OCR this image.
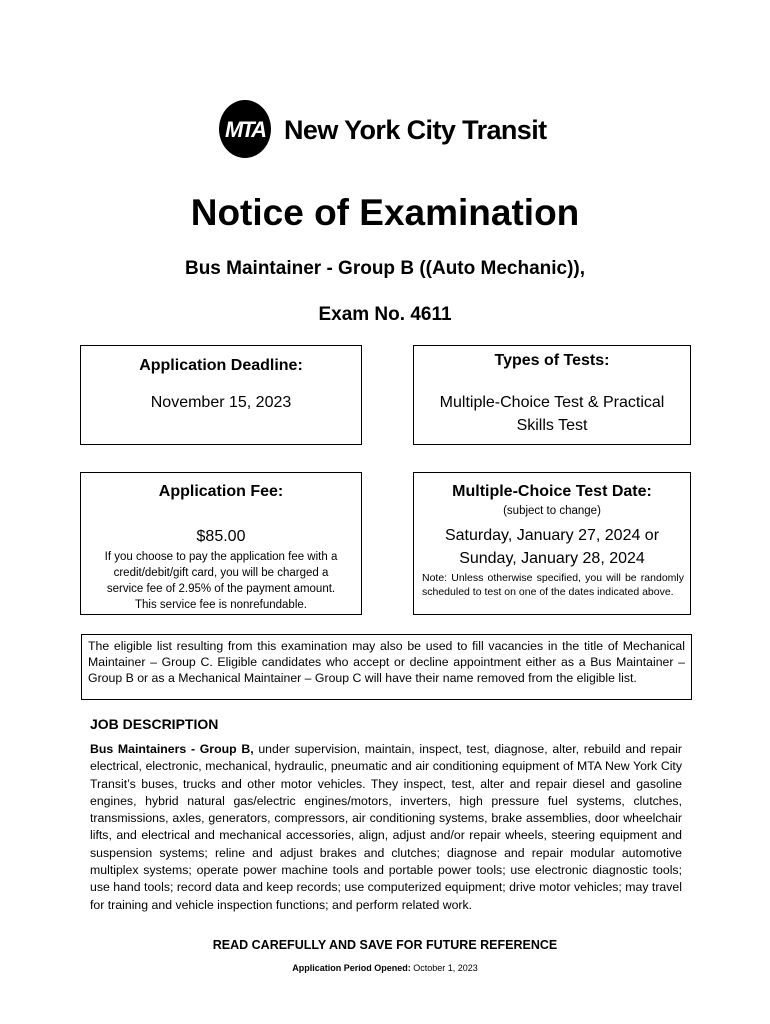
MTA New York City Transit
Notice of Examination
Bus Maintainer - Group B ((Auto Mechanic)),
Exam No. 4611
Application Deadline:
November 15, 2023
Types of Tests:
Multiple-Choice Test & Practical
Skills Test
Application Fee:
$85.00
If you choose to pay the application fee with a
credit/debit/gift card, you will be charged a
service fee of 2.95% of the payment amount.
This service fee is nonrefundable.
Multiple-Choice Test Date:
(subject to change)
Saturday, January 27, 2024 or
Sunday, January 28, 2024
Note: Unless otherwise specified, you will be randomly scheduled to test on one of the dates indicated above.
The eligible list resulting from this examination may also be used to fill vacancies in the title of Mechanical Maintainer – Group C. Eligible candidates who accept or decline appointment either as a Bus Maintainer – Group B or as a Mechanical Maintainer – Group C will have their name removed from the eligible list.
JOB DESCRIPTION
Bus Maintainers - Group B, under supervision, maintain, inspect, test, diagnose, alter, rebuild and repair electrical, electronic, mechanical, hydraulic, pneumatic and air conditioning equipment of MTA New York City Transit’s buses, trucks and other motor vehicles. They inspect, test, alter and repair diesel and gasoline engines, hybrid natural gas/electric engines/motors, inverters, high pressure fuel systems, clutches, transmissions, axles, generators, compressors, air conditioning systems, brake assemblies, door wheelchair lifts, and electrical and mechanical accessories, align, adjust and/or repair wheels, steering equipment and suspension systems; reline and adjust brakes and clutches; diagnose and repair modular automotive multiplex systems; operate power machine tools and portable power tools; use electronic diagnostic tools; use hand tools; record data and keep records; use computerized equipment; drive motor vehicles; may travel for training and vehicle inspection functions; and perform related work.
READ CAREFULLY AND SAVE FOR FUTURE REFERENCE
Application Period Opened: October 1, 2023
